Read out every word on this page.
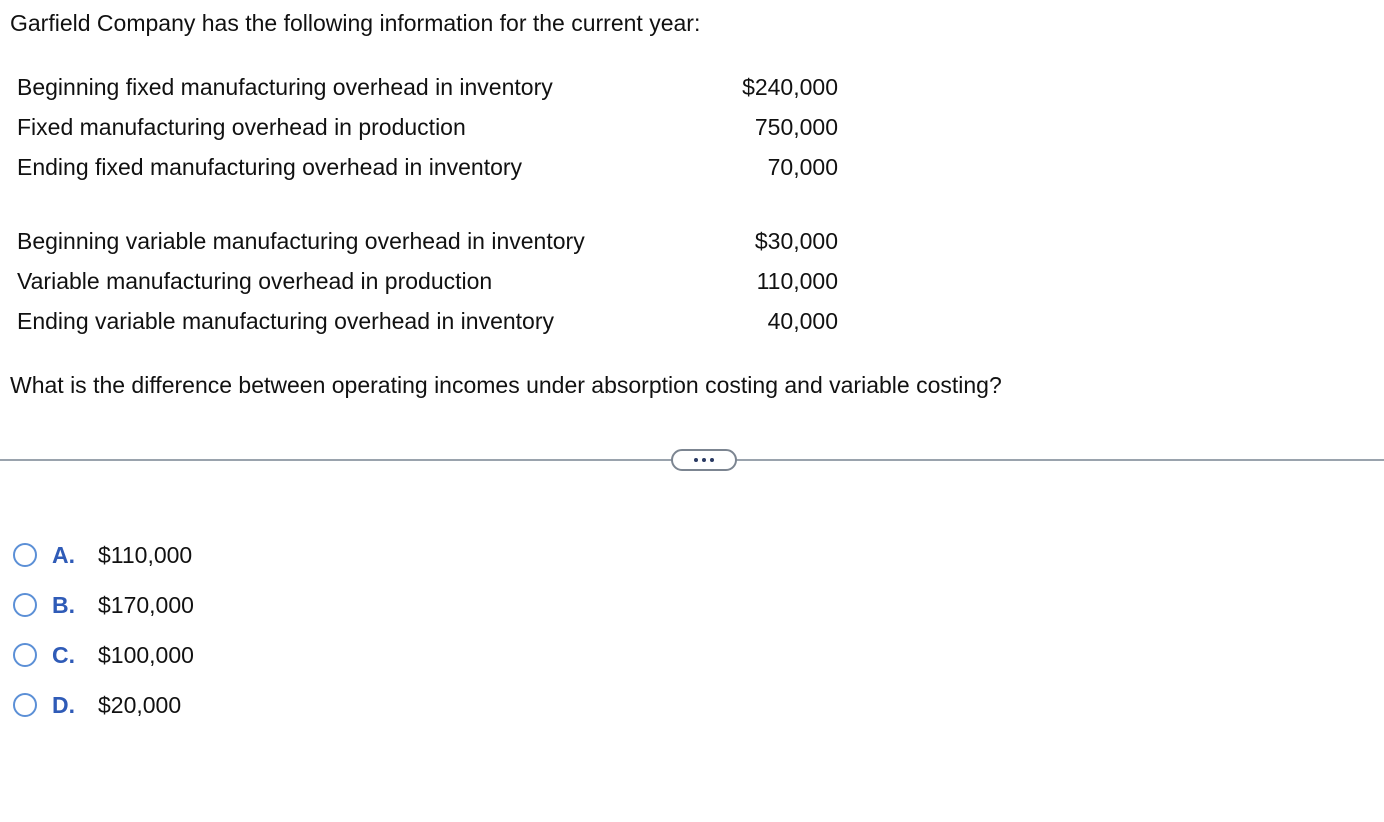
Garfield Company has the following information for the current year:
Beginning fixed manufacturing overhead in inventory	$240,000
Fixed manufacturing overhead in production	750,000
Ending fixed manufacturing overhead in inventory	70,000
Beginning variable manufacturing overhead in inventory	$30,000
Variable manufacturing overhead in production	110,000
Ending variable manufacturing overhead in inventory	40,000
What is the difference between operating incomes under absorption costing and variable costing?
A.	$110,000
B.	$170,000
C.	$100,000
D.	$20,000
